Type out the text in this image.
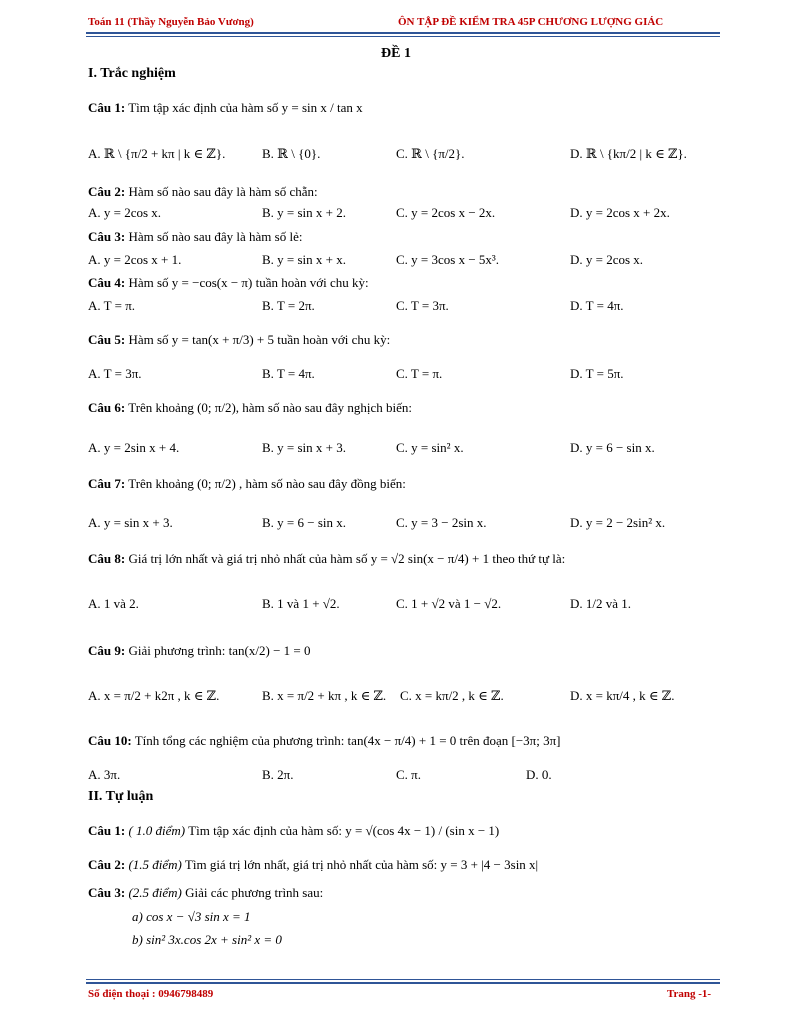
Toán 11 (Thầy Nguyễn Bảo Vương)	ÔN TẬP ĐỀ KIỂM TRA 45P CHƯƠNG LƯỢNG GIÁC
ĐỀ 1
I. Trắc nghiệm
Câu 1: Tìm tập xác định của hàm số y = sin x / tan x
A. ℝ \ {π/2 + kπ | k ∈ ℤ}.	B. ℝ \ {0}.	C. ℝ \ {π/2}.	D. ℝ \ {kπ/2 | k ∈ ℤ}.
Câu 2: Hàm số nào sau đây là hàm số chẵn:
A. y = 2cos x.	B. y = sin x + 2.	C. y = 2cos x − 2x.	D. y = 2cos x + 2x.
Câu 3: Hàm số nào sau đây là hàm số lẻ:
A. y = 2cos x + 1.	B. y = sin x + x.	C. y = 3cos x − 5x³.	D. y = 2cos x.
Câu 4: Hàm số y = −cos(x − π) tuần hoàn với chu kỳ:
A. T = π.	B. T = 2π.	C. T = 3π.	D. T = 4π.
Câu 5: Hàm số y = tan(x + π/3) + 5 tuần hoàn với chu kỳ:
A. T = 3π.	B. T = 4π.	C. T = π.	D. T = 5π.
Câu 6: Trên khoảng (0; π/2), hàm số nào sau đây nghịch biến:
A. y = 2sin x + 4.	B. y = sin x + 3.	C. y = sin² x.	D. y = 6 − sin x.
Câu 7: Trên khoảng (0; π/2) , hàm số nào sau đây đồng biến:
A. y = sin x + 3.	B. y = 6 − sin x.	C. y = 3 − 2sin x.	D. y = 2 − 2sin² x.
Câu 8: Giá trị lớn nhất và giá trị nhỏ nhất của hàm số y = √2 sin(x − π/4) + 1 theo thứ tự là:
A. 1 và 2.	B. 1 và 1 + √2.	C. 1 + √2 và 1 − √2.	D. 1/2 và 1.
Câu 9: Giải phương trình: tan(x/2) − 1 = 0
A. x = π/2 + k2π , k ∈ ℤ.	B. x = π/2 + kπ , k ∈ ℤ. C. x = kπ/2 , k ∈ ℤ.	D. x = kπ/4 , k ∈ ℤ.
Câu 10: Tính tổng các nghiệm của phương trình: tan(4x − π/4) + 1 = 0 trên đoạn [−3π; 3π]
A. 3π.	B. 2π.	C. π.	D. 0.
II. Tự luận
Câu 1: ( 1.0 điểm) Tìm tập xác định của hàm số: y = √(cos 4x − 1) / (sin x − 1)
Câu 2: (1.5 điểm) Tìm giá trị lớn nhất, giá trị nhỏ nhất của hàm số: y = 3 + |4 − 3sin x|
Câu 3: (2.5 điểm) Giải các phương trình sau:
a) cos x − √3 sin x = 1
b) sin² 3x.cos 2x + sin² x = 0
Số điện thoại : 0946798489	Trang -1-
